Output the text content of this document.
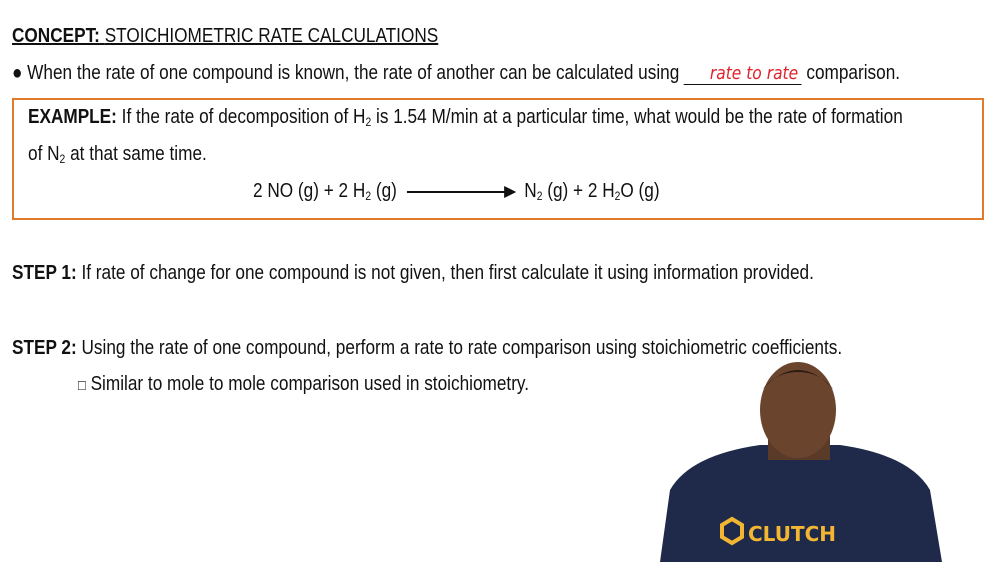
CONCEPT: STOICHIOMETRIC RATE CALCULATIONS
● When the rate of one compound is known, the rate of another can be calculated using rate to rate comparison.
EXAMPLE: If the rate of decomposition of $H_2$ is 1.54 M/min at a particular time, what would be the rate of formation
of $N_2$ at that same time.
2 NO (g) + 2 $H_2$ (g)	$N_2$ (g) + 2 $H_2O$ (g)
STEP 1: If rate of change for one compound is not given, then first calculate it using information provided.
STEP 2: Using the rate of one compound, perform a rate to rate comparison using stoichiometric coefficients.
□ Similar to mole to mole comparison used in stoichiometry.
CLUTCH
